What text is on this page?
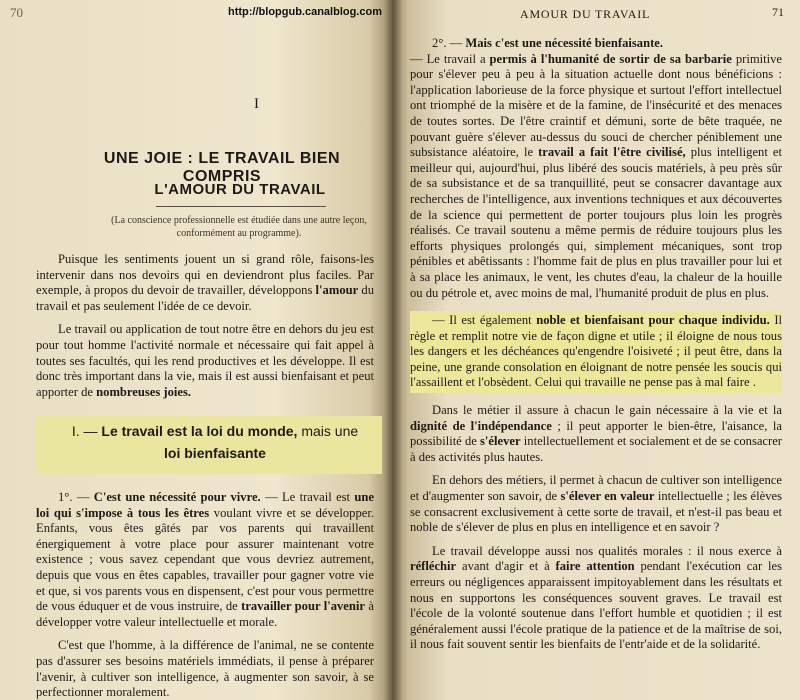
70	http://blopgub.canalblog.com
I
UNE JOIE : LE TRAVAIL BIEN COMPRIS
L'AMOUR DU TRAVAIL
(La conscience professionnelle est étudiée dans une autre leçon, conformément au programme).

Puisque les sentiments jouent un si grand rôle, faisons-les intervenir dans nos devoirs qui en deviendront plus faciles. Par exemple, à propos du devoir de travailler, développons l'amour du travail et pas seulement l'idée de ce devoir.

Le travail ou application de tout notre être en dehors du jeu est pour tout homme l'activité normale et nécessaire qui fait appel à toutes ses facultés, qui les rend productives et les développe. Il est donc très important dans la vie, mais il est aussi bienfaisant et peut apporter de nombreuses joies.

I. — Le travail est la loi du monde, mais une
loi bienfaisante

1°. — C'est une nécessité pour vivre. — Le travail est une loi qui s'impose à tous les êtres voulant vivre et se développer. Enfants, vous êtes gâtés par vos parents qui travaillent énergiquement à votre place pour assurer maintenant votre existence ; vous savez cependant que vous devriez autrement, depuis que vous en êtes capables, travailler pour gagner votre vie et que, si vos parents vous en dispensent, c'est pour vous permettre de vous éduquer et de vous instruire, de travailler pour l'avenir à développer votre valeur intellectuelle et morale.

C'est que l'homme, à la différence de l'animal, ne se contente pas d'assurer ses besoins matériels immédiats, il pense à préparer l'avenir, à cultiver son intelligence, à augmenter son savoir, à se perfectionner moralement.

AMOUR DU TRAVAIL	71

2°. — Mais c'est une nécessité bienfaisante.
— Le travail a permis à l'humanité de sortir de sa barbarie primitive pour s'élever peu à peu à la situation actuelle dont nous bénéficions : l'application laborieuse de la force physique et surtout l'effort intellectuel ont triomphé de la misère et de la famine, de l'insécurité et des menaces de toutes sortes. De l'être craintif et démuni, sorte de bête traquée, ne pouvant guère s'élever au-dessus du souci de chercher péniblement une subsistance aléatoire, le travail a fait l'être civilisé, plus intelligent et meilleur qui, aujourd'hui, plus libéré des soucis matériels, à peu près sûr de sa subsistance et de sa tranquillité, peut se consacrer davantage aux recherches de l'intelligence, aux inventions techniques et aux découvertes de la science qui permettent de porter toujours plus loin les progrès réalisés. Ce travail soutenu a même permis de réduire toujours plus les efforts physiques prolongés qui, simplement mécaniques, sont trop pénibles et abêtissants : l'homme fait de plus en plus travailler pour lui et à sa place les animaux, le vent, les chutes d'eau, la chaleur de la houille ou du pétrole et, avec moins de mal, l'humanité produit de plus en plus.

— Il est également noble et bienfaisant pour chaque individu. Il règle et remplit notre vie de façon digne et utile ; il éloigne de nous tous les dangers et les déchéances qu'engendre l'oisiveté ; il peut être, dans la peine, une grande consolation en éloignant de notre pensée les soucis qui l'assaillent et l'obsèdent. Celui qui travaille ne pense pas à mal faire .

Dans le métier il assure à chacun le gain nécessaire à la vie et la dignité de l'indépendance ; il peut apporter le bien-être, l'aisance, la possibilité de s'élever intellectuellement et socialement et de se consacrer à des activités plus hautes.

En dehors des métiers, il permet à chacun de cultiver son intelligence et d'augmenter son savoir, de s'élever en valeur intellectuelle ; les élèves se consacrent exclusivement à cette sorte de travail, et n'est-il pas beau et noble de s'élever de plus en plus en intelligence et en savoir ?

Le travail développe aussi nos qualités morales : il nous exerce à réfléchir avant d'agir et à faire attention pendant l'exécution car les erreurs ou négligences apparaissent impitoyablement dans les résultats et nous en supportons les conséquences souvent graves. Le travail est l'école de la volonté soutenue dans l'effort humble et quotidien ; il est généralement aussi l'école pratique de la patience et de la maîtrise de soi, il nous fait souvent sentir les bienfaits de l'entr'aide et de la solidarité.
